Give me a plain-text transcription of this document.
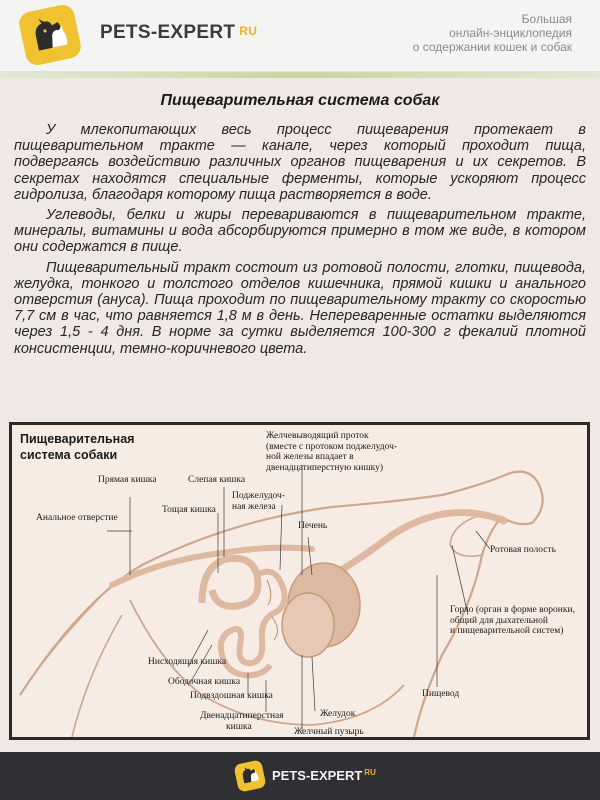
PETS-EXPERT $^{RU}$
Большая
онлайн-энциклопедия
о содержании кошек и собак
Пищеварительная система собак

У млекопитающих весь процесс пищеварения протекает в пищеварительном тракте — канале, через который проходит пища, подвергаясь воздействию различных органов пищеварения и их секретов. В секретах находятся специальные ферменты, которые ускоряют процесс гидролиза, благодаря которому пища растворяется в воде.

Углеводы, белки и жиры перевариваются в пищеварительном тракте, минералы, витамины и вода абсорбируются примерно в том же виде, в котором они содержатся в пище.

Пищеварительный тракт состоит из ротовой полости, глотки, пищевода, желудка, тонкого и толстого отделов кишечника, прямой кишки и анального отверстия (ануса). Пища проходит по пищеварительному тракту со скоростью 7,7 см в час, что равняется 1,8 м в день. Непереваренные остатки выделяются через 1,5 - 4 дня. В норме за сутки выделяется 100-300 г фекалий плотной консистенции, темно-коричневого цвета.

Пищеварительная
система собаки
Желчевыводящий проток
(вместе с протоком поджелудоч-
ной железы впадает в
двенадцатиперстную кишку)
Прямая кишка	Слепая кишка
Поджелудоч-
ная железа
Тощая кишка
Анальное отверстие
Печень
Ротовая полость
Горло (орган в форме воронки,
общий для дыхательной
и пищеварительной систем)
Нисходящая кишка
Ободочная кишка
Подвздошная кишка
Двенадцатиперстная
кишка
Пищевод
Желудок
Желчный пузырь
PETS-EXPERT $^{RU}$
